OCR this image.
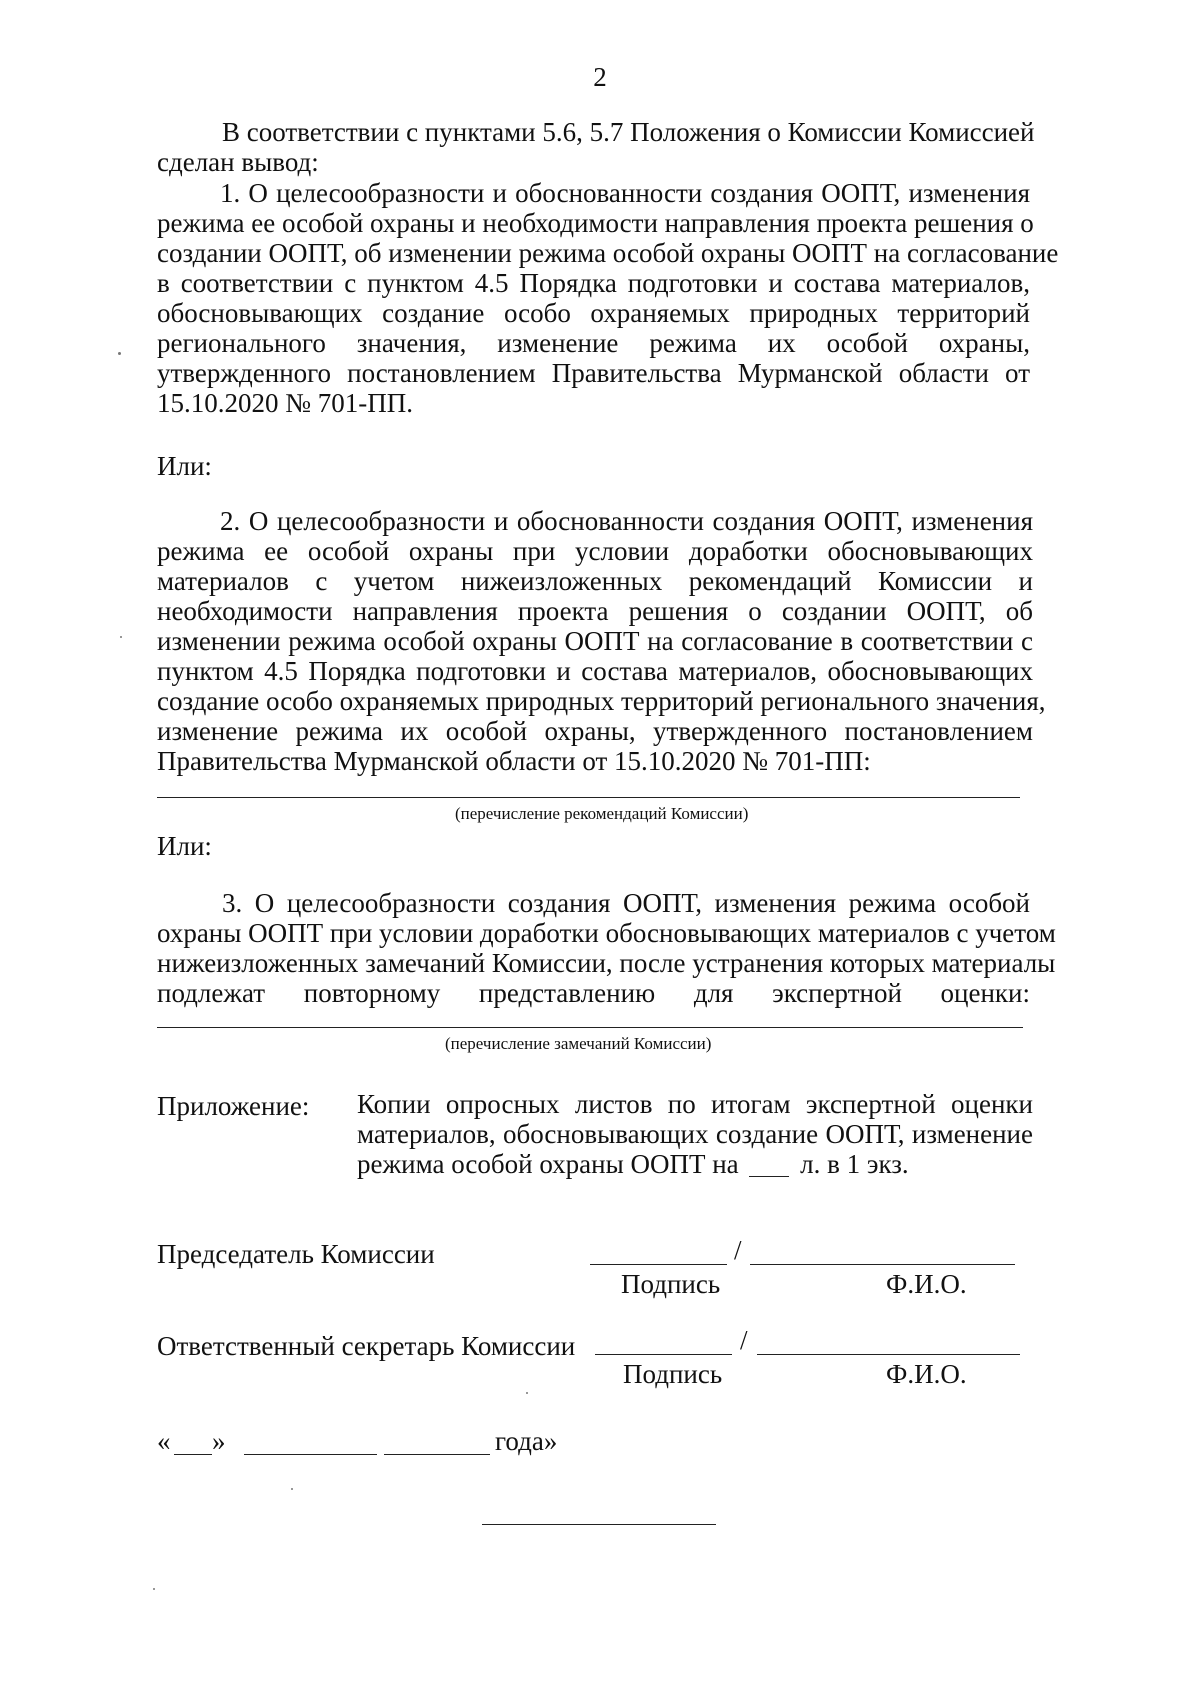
2
В соответствии с пунктами 5.6, 5.7 Положения о Комиссии Комиссией
сделан вывод:
1. О целесообразности и обоснованности создания ООПТ, изменения
режима ее особой охраны и необходимости направления проекта решения о
создании ООПТ, об изменении режима особой охраны ООПТ на согласование
в соответствии с пунктом 4.5 Порядка подготовки и состава материалов,
обосновывающих создание особо охраняемых природных территорий
регионального значения, изменение режима их особой охраны,
утвержденного постановлением Правительства Мурманской области от
15.10.2020 № 701-ПП.
Или:
2. О целесообразности и обоснованности создания ООПТ, изменения
режима ее особой охраны при условии доработки обосновывающих
материалов с учетом нижеизложенных рекомендаций Комиссии и
необходимости направления проекта решения о создании ООПТ, об
изменении режима особой охраны ООПТ на согласование в соответствии с
пунктом 4.5 Порядка подготовки и состава материалов, обосновывающих
создание особо охраняемых природных территорий регионального значения,
изменение режима их особой охраны, утвержденного постановлением
Правительства Мурманской области от 15.10.2020 № 701-ПП:
(перечисление рекомендаций Комиссии)
Или:
3. О целесообразности создания ООПТ, изменения режима особой
охраны ООПТ при условии доработки обосновывающих материалов с учетом
нижеизложенных замечаний Комиссии, после устранения которых материалы
подлежат повторному представлению для экспертной оценки:
(перечисление замечаний Комиссии)
Приложение: Копии опросных листов по итогам экспертной оценки
материалов, обосновывающих создание ООПТ, изменение
режима особой охраны ООПТ на л. в 1 экз.
Председатель Комиссии	/
Подпись	Ф.И.О.
Ответственный секретарь Комиссии	/
Подпись	Ф.И.О.
« »	года»
